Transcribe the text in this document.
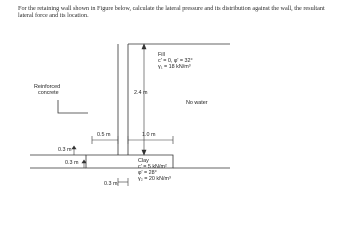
For the retaining wall shown in Figure below, calculate the lateral pressure and its distribution against the wall, the resultant lateral force and its location.
Reinforced
concrete
Fill
c' = 0, φ' = 32°
γ₁ = 18 kN/m³
No water
2.4 m
0.5 m	1.0 m
0.3 m
0.3 m
0.3 m
Clay
c' = 5 kN/m²
φ' = 28°
γ₂ = 20 kN/m³
